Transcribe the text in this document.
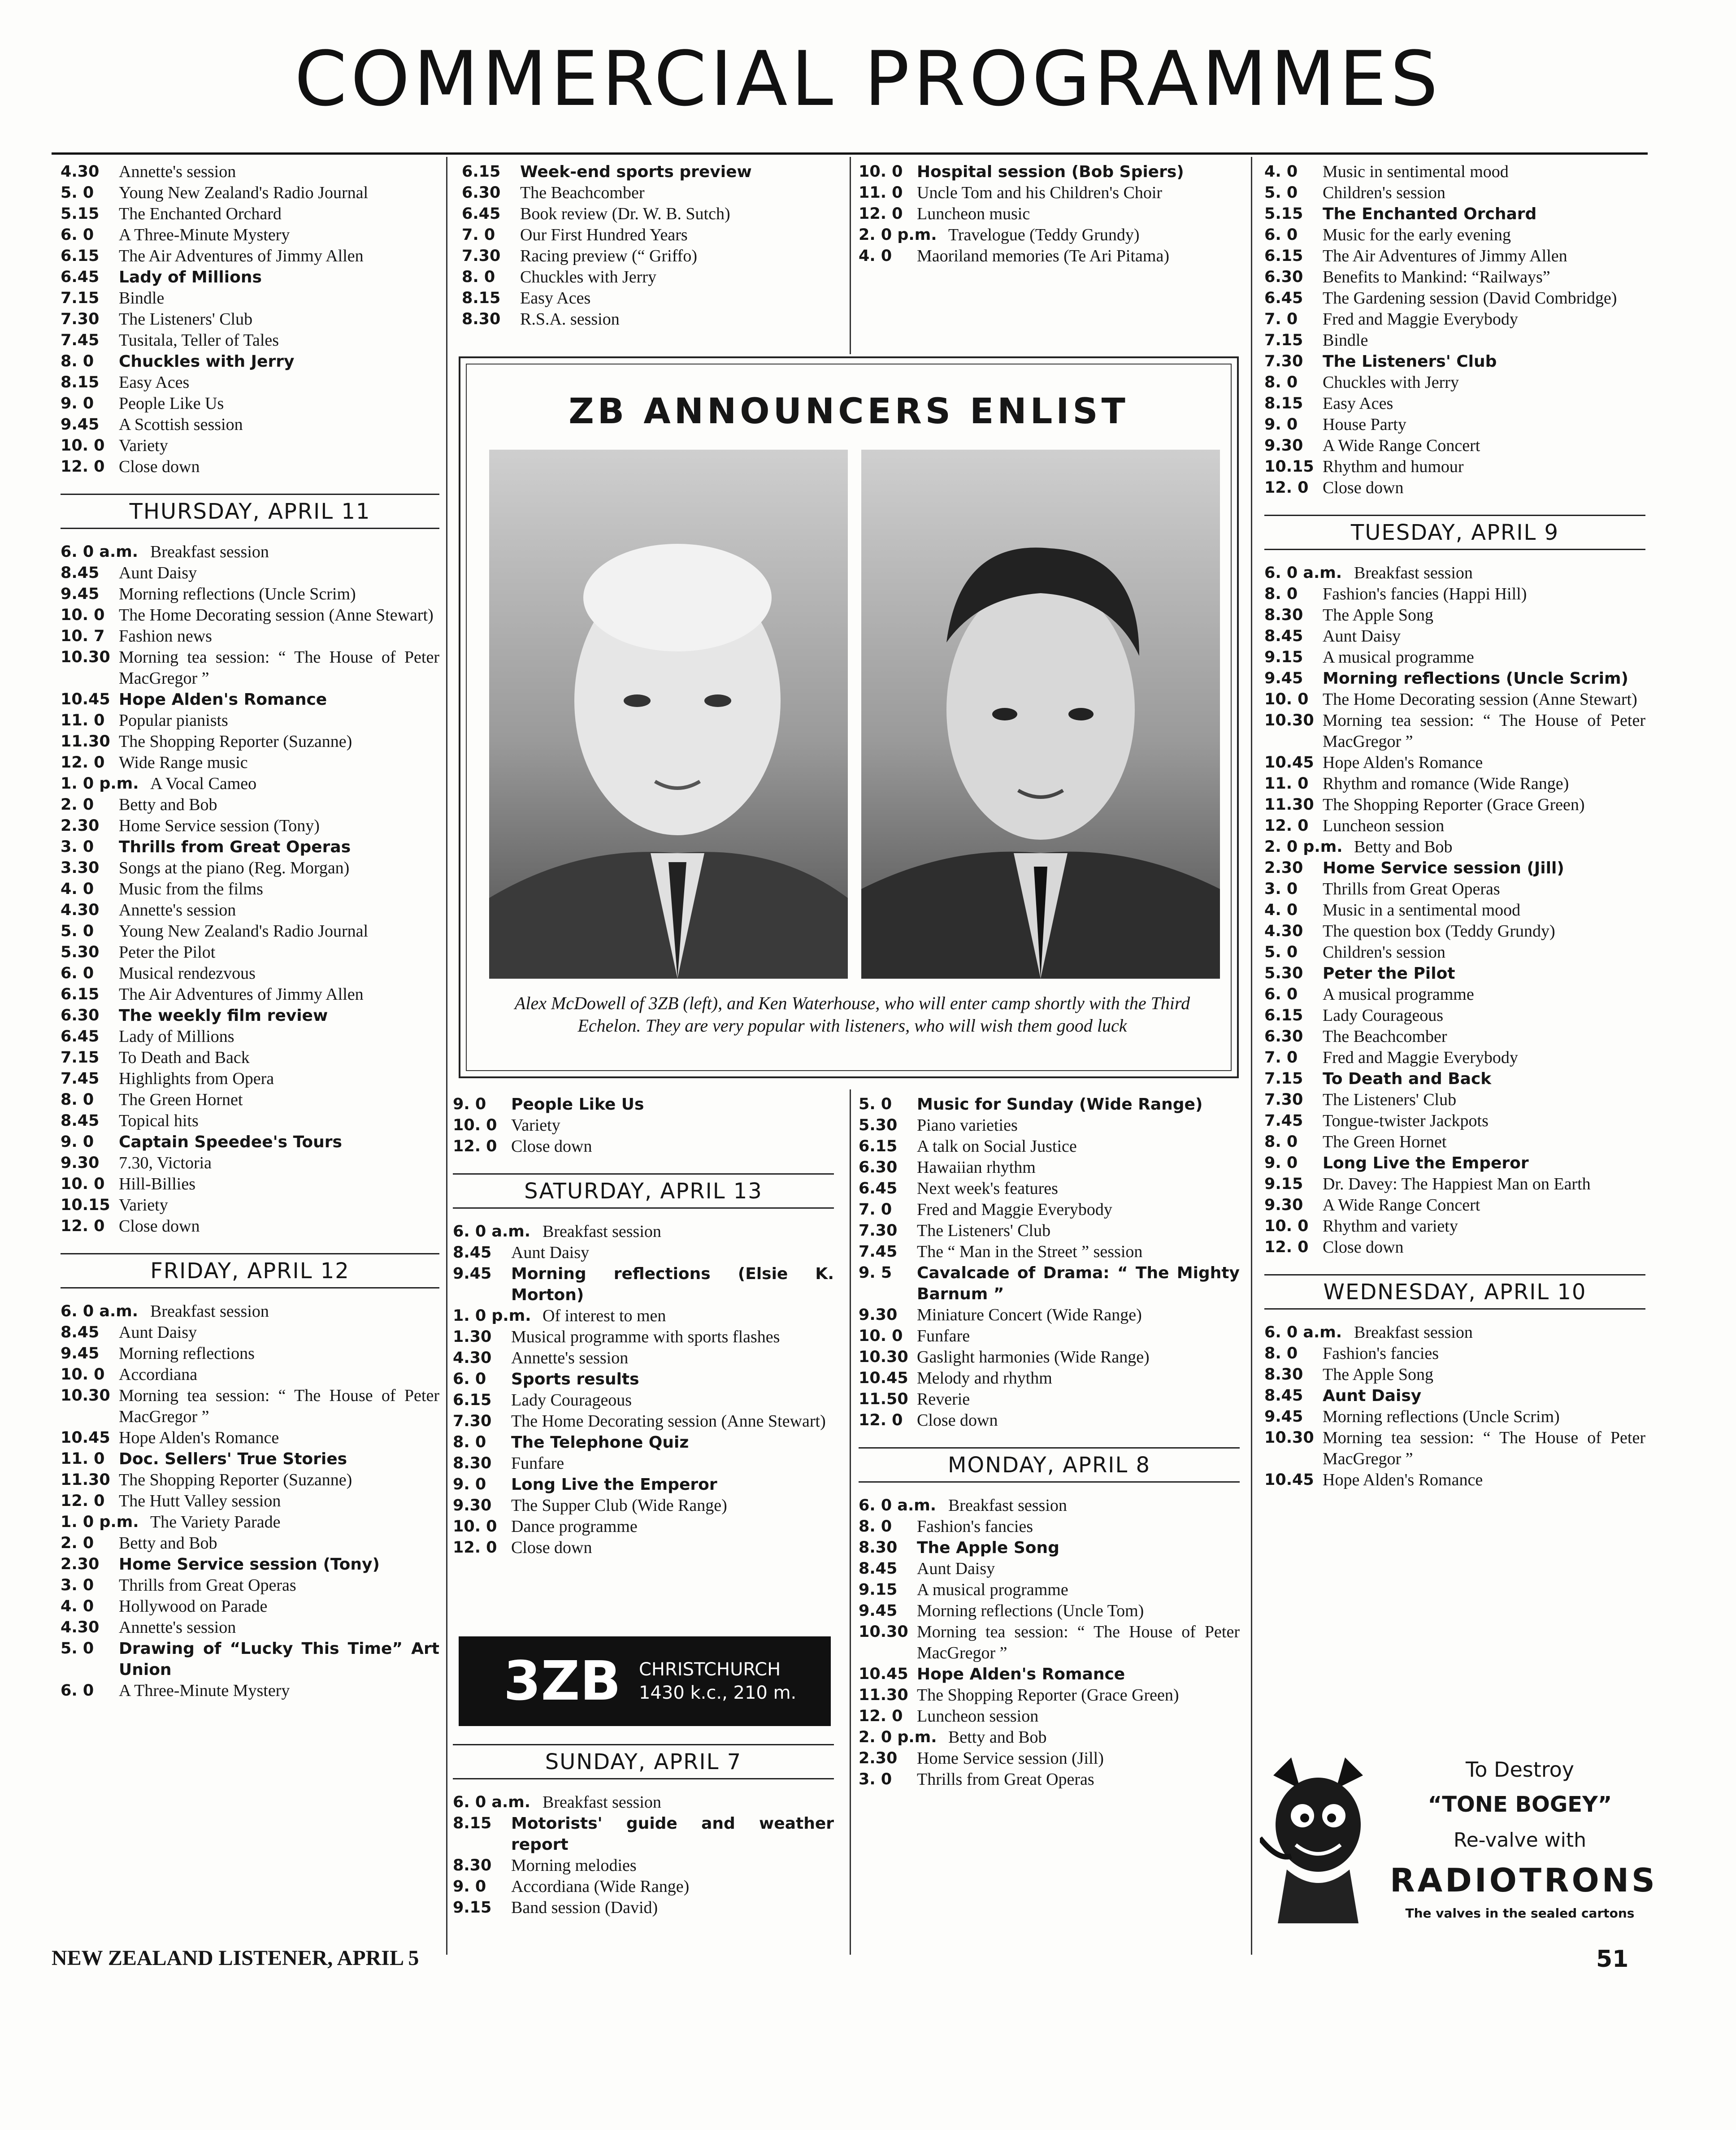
COMMERCIAL PROGRAMMES
4.30	Annette's session
5. 0	Young New Zealand's Radio Journal
5.15	The Enchanted Orchard
6. 0	A Three-Minute Mystery
6.15	The Air Adventures of Jimmy Allen
6.45	Lady of Millions
7.15	Bindle
7.30	The Listeners' Club
7.45	Tusitala, Teller of Tales
8. 0	Chuckles with Jerry
8.15	Easy Aces
9. 0	People Like Us
9.45	A Scottish session
10. 0 Variety
12. 0 Close down
THURSDAY, APRIL 11
6. 0 a.m. Breakfast session
8.45	Aunt Daisy
9.45	Morning reflections (Uncle Scrim)
10. 0 The Home Decorating session (Anne Stewart)
10. 7 Fashion news
10.30 Morning tea session: “ The House of Peter MacGregor ”
10.45 Hope Alden's Romance
11. 0 Popular pianists
11.30 The Shopping Reporter (Suzanne)
12. 0 Wide Range music
1. 0 p.m. A Vocal Cameo
2. 0	Betty and Bob
2.30	Home Service session (Tony)
3. 0	Thrills from Great Operas
3.30	Songs at the piano (Reg. Morgan)
4. 0	Music from the films
4.30	Annette's session
5. 0	Young New Zealand's Radio Journal
5.30	Peter the Pilot
6. 0	Musical rendezvous
6.15	The Air Adventures of Jimmy Allen
6.30	The weekly film review
6.45	Lady of Millions
7.15	To Death and Back
7.45	Highlights from Opera
8. 0	The Green Hornet
8.45	Topical hits
9. 0	Captain Speedee's Tours
9.30	7.30, Victoria
10. 0 Hill-Billies
10.15 Variety
12. 0 Close down
FRIDAY, APRIL 12
6. 0 a.m. Breakfast session
8.45	Aunt Daisy
9.45	Morning reflections
10. 0 Accordiana
10.30 Morning tea session: “ The House of Peter MacGregor ”
10.45 Hope Alden's Romance
11. 0 Doc. Sellers' True Stories
11.30 The Shopping Reporter (Suzanne)
12. 0 The Hutt Valley session
1. 0 p.m. The Variety Parade
2. 0	Betty and Bob
2.30	Home Service session (Tony)
3. 0	Thrills from Great Operas
4. 0	Hollywood on Parade
4.30	Annette's session
5. 0	Drawing of “Lucky This Time” Art Union
6. 0	A Three-Minute Mystery
6.15	Week-end sports preview
6.30	The Beachcomber
6.45	Book review (Dr. W. B. Sutch)
7. 0	Our First Hundred Years
7.30	Racing preview (“ Griffo)
8. 0	Chuckles with Jerry
8.15	Easy Aces
8.30	R.S.A. session
9. 0	People Like Us
10. 0 Variety
12. 0 Close down
SATURDAY, APRIL 13
6. 0 a.m. Breakfast session
8.45	Aunt Daisy
9.45	Morning reflections (Elsie K. Morton)
1. 0 p.m. Of interest to men
1.30	Musical programme with sports flashes
4.30	Annette's session
6. 0	Sports results
6.15	Lady Courageous
7.30	The Home Decorating session (Anne Stewart)
8. 0	The Telephone Quiz
8.30	Funfare
9. 0	Long Live the Emperor
9.30	The Supper Club (Wide Range)
10. 0 Dance programme
12. 0 Close down
SUNDAY, APRIL 7
6. 0 a.m. Breakfast session
8.15	Motorists' guide and weather report
8.30	Morning melodies
9. 0	Accordiana (Wide Range)
9.15	Band session (David)
10. 0 Hospital session (Bob Spiers)
11. 0 Uncle Tom and his Children's Choir
12. 0 Luncheon music
2. 0 p.m. Travelogue (Teddy Grundy)
4. 0	Maoriland memories (Te Ari Pitama)
5. 0	Music for Sunday (Wide Range)
5.30	Piano varieties
6.15	A talk on Social Justice
6.30	Hawaiian rhythm
6.45	Next week's features
7. 0	Fred and Maggie Everybody
7.30	The Listeners' Club
7.45	The “ Man in the Street ” session
9. 5	Cavalcade of Drama: “ The Mighty Barnum ”
9.30	Miniature Concert (Wide Range)
10. 0 Funfare
10.30 Gaslight harmonies (Wide Range)
10.45 Melody and rhythm
11.50 Reverie
12. 0 Close down
MONDAY, APRIL 8
6. 0 a.m. Breakfast session
8. 0	Fashion's fancies
8.30	The Apple Song
8.45	Aunt Daisy
9.15	A musical programme
9.45	Morning reflections (Uncle Tom)
10.30 Morning tea session: “ The House of Peter MacGregor ”
10.45 Hope Alden's Romance
11.30 The Shopping Reporter (Grace Green)
12. 0 Luncheon session
2. 0 p.m. Betty and Bob
2.30	Home Service session (Jill)
3. 0	Thrills from Great Operas
4. 0	Music in sentimental mood
5. 0	Children's session
5.15	The Enchanted Orchard
6. 0	Music for the early evening
6.15	The Air Adventures of Jimmy Allen
6.30	Benefits to Mankind: “Railways”
6.45	The Gardening session (David Combridge)
7. 0	Fred and Maggie Everybody
7.15	Bindle
7.30	The Listeners' Club
8. 0	Chuckles with Jerry
8.15	Easy Aces
9. 0	House Party
9.30	A Wide Range Concert
10.15 Rhythm and humour
12. 0 Close down
TUESDAY, APRIL 9
6. 0 a.m. Breakfast session
8. 0	Fashion's fancies (Happi Hill)
8.30	The Apple Song
8.45	Aunt Daisy
9.15	A musical programme
9.45	Morning reflections (Uncle Scrim)
10. 0 The Home Decorating session (Anne Stewart)
10.30 Morning tea session: “ The House of Peter MacGregor ”
10.45 Hope Alden's Romance
11. 0 Rhythm and romance (Wide Range)
11.30 The Shopping Reporter (Grace Green)
12. 0 Luncheon session
2. 0 p.m. Betty and Bob
2.30	Home Service session (Jill)
3. 0	Thrills from Great Operas
4. 0	Music in a sentimental mood
4.30	The question box (Teddy Grundy)
5. 0	Children's session
5.30	Peter the Pilot
6. 0	A musical programme
6.15	Lady Courageous
6.30	The Beachcomber
7. 0	Fred and Maggie Everybody
7.15	To Death and Back
7.30	The Listeners' Club
7.45	Tongue-twister Jackpots
8. 0	The Green Hornet
9. 0	Long Live the Emperor
9.15	Dr. Davey: The Happiest Man on Earth
9.30	A Wide Range Concert
10. 0 Rhythm and variety
12. 0 Close down
WEDNESDAY, APRIL 10
6. 0 a.m. Breakfast session
8. 0	Fashion's fancies
8.30	The Apple Song
8.45	Aunt Daisy
9.45	Morning reflections (Uncle Scrim)
10.30 Morning tea session: “ The House of Peter MacGregor ”
10.45 Hope Alden's Romance
ZB ANNOUNCERS ENLIST
Alex McDowell of 3ZB (left), and Ken Waterhouse, who will enter camp shortly with the Third Echelon. They are very popular with listeners, who will wish them good luck
3ZB CHRISTCHURCH
1430 k.c., 210 m.
To Destroy
“TONE BOGEY”
Re-valve with
RADIOTRONS
The valves in the sealed cartons
NEW ZEALAND LISTENER, APRIL 5	51
